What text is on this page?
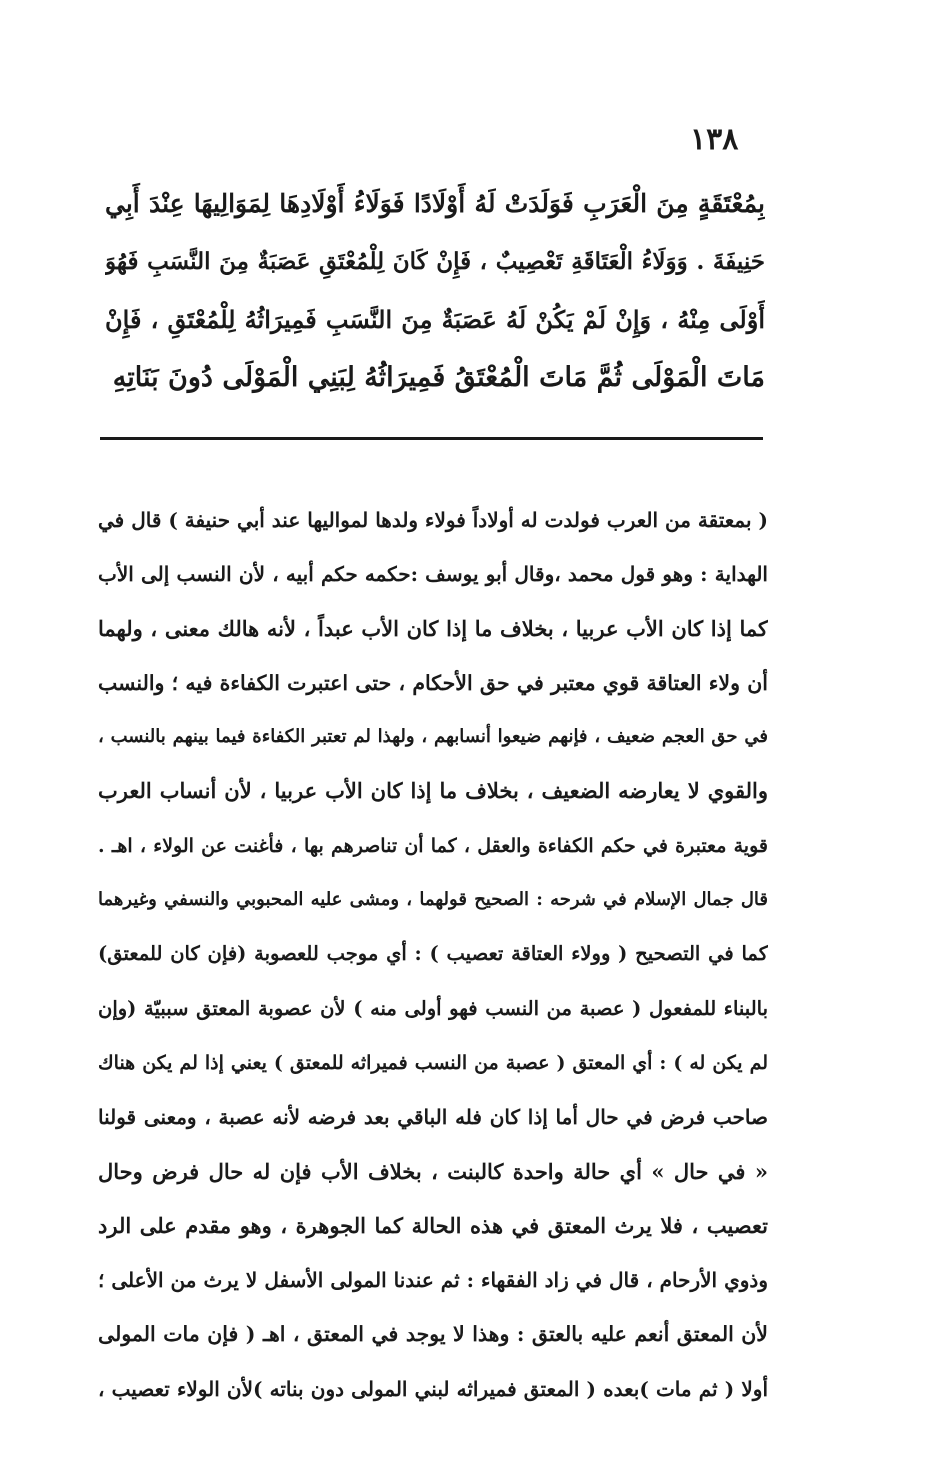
١٣٨
بِمُعْتَقَةٍ مِنَ الْعَرَبِ فَوَلَدَتْ لَهُ أَوْلَادًا فَوَلَاءُ أَوْلَادِهَا لِمَوَالِيهَا عِنْدَ أَبِي
حَنِيفَةَ . وَوَلَاءُ الْعَتَاقَةِ تَعْصِيبٌ ، فَإِنْ كَانَ لِلْمُعْتَقِ عَصَبَةٌ مِنَ النَّسَبِ فَهُوَ
أَوْلَى مِنْهُ ، وَإِنْ لَمْ يَكُنْ لَهُ عَصَبَةٌ مِنَ النَّسَبِ فَمِيرَاثُهُ لِلْمُعْتَقِ ، فَإِنْ
مَاتَ الْمَوْلَى ثُمَّ مَاتَ الْمُعْتَقُ فَمِيرَاثُهُ لِبَنِي الْمَوْلَى دُونَ بَنَاتِهِ
( بمعتقة من العرب فولدت له أولاداً فولاء ولدها لمواليها عند أبي حنيفة ) قال في
الهداية : وهو قول محمد ،وقال أبو يوسف :حكمه حكم أبيه ، لأن النسب إلى الأب
كما إذا كان الأب عربيا ، بخلاف ما إذا كان الأب عبداً ، لأنه هالك معنى ، ولهما
أن ولاء العتاقة قوي معتبر في حق الأحكام ، حتى اعتبرت الكفاءة فيه ؛ والنسب
في حق العجم ضعيف ، فإنهم ضيعوا أنسابهم ، ولهذا لم تعتبر الكفاءة فيما بينهم بالنسب ،
والقوي لا يعارضه الضعيف ، بخلاف ما إذا كان الأب عربيا ، لأن أنساب العرب
قوية معتبرة في حكم الكفاءة والعقل ، كما أن تناصرهم بها ، فأغنت عن الولاء ، اهـ .
قال جمال الإسلام في شرحه : الصحيح قولهما ، ومشى عليه المحبوبي والنسفي وغيرهما
كما في التصحيح ( وولاء العتاقة تعصيب ) : أي موجب للعصوبة (فإن كان للمعتق)
بالبناء للمفعول ( عصبة من النسب فهو أولى منه ) لأن عصوبة المعتق سببيّة (وإن
لم يكن له ) : أي المعتق ( عصبة من النسب فميراثه للمعتق ) يعني إذا لم يكن هناك
صاحب فرض في حال أما إذا كان فله الباقي بعد فرضه لأنه عصبة ، ومعنى قولنا
« في حال » أي حالة واحدة كالبنت ، بخلاف الأب فإن له حال فرض وحال
تعصيب ، فلا يرث المعتق في هذه الحالة كما الجوهرة ، وهو مقدم على الرد
وذوي الأرحام ، قال في زاد الفقهاء : ثم عندنا المولى الأسفل لا يرث من الأعلى ؛
لأن المعتق أنعم عليه بالعتق : وهذا لا يوجد في المعتق ، اهـ ( فإن مات المولى
أولا ( ثم مات )بعده ( المعتق فميراثه لبني المولى دون بناته )لأن الولاء تعصيب ،
